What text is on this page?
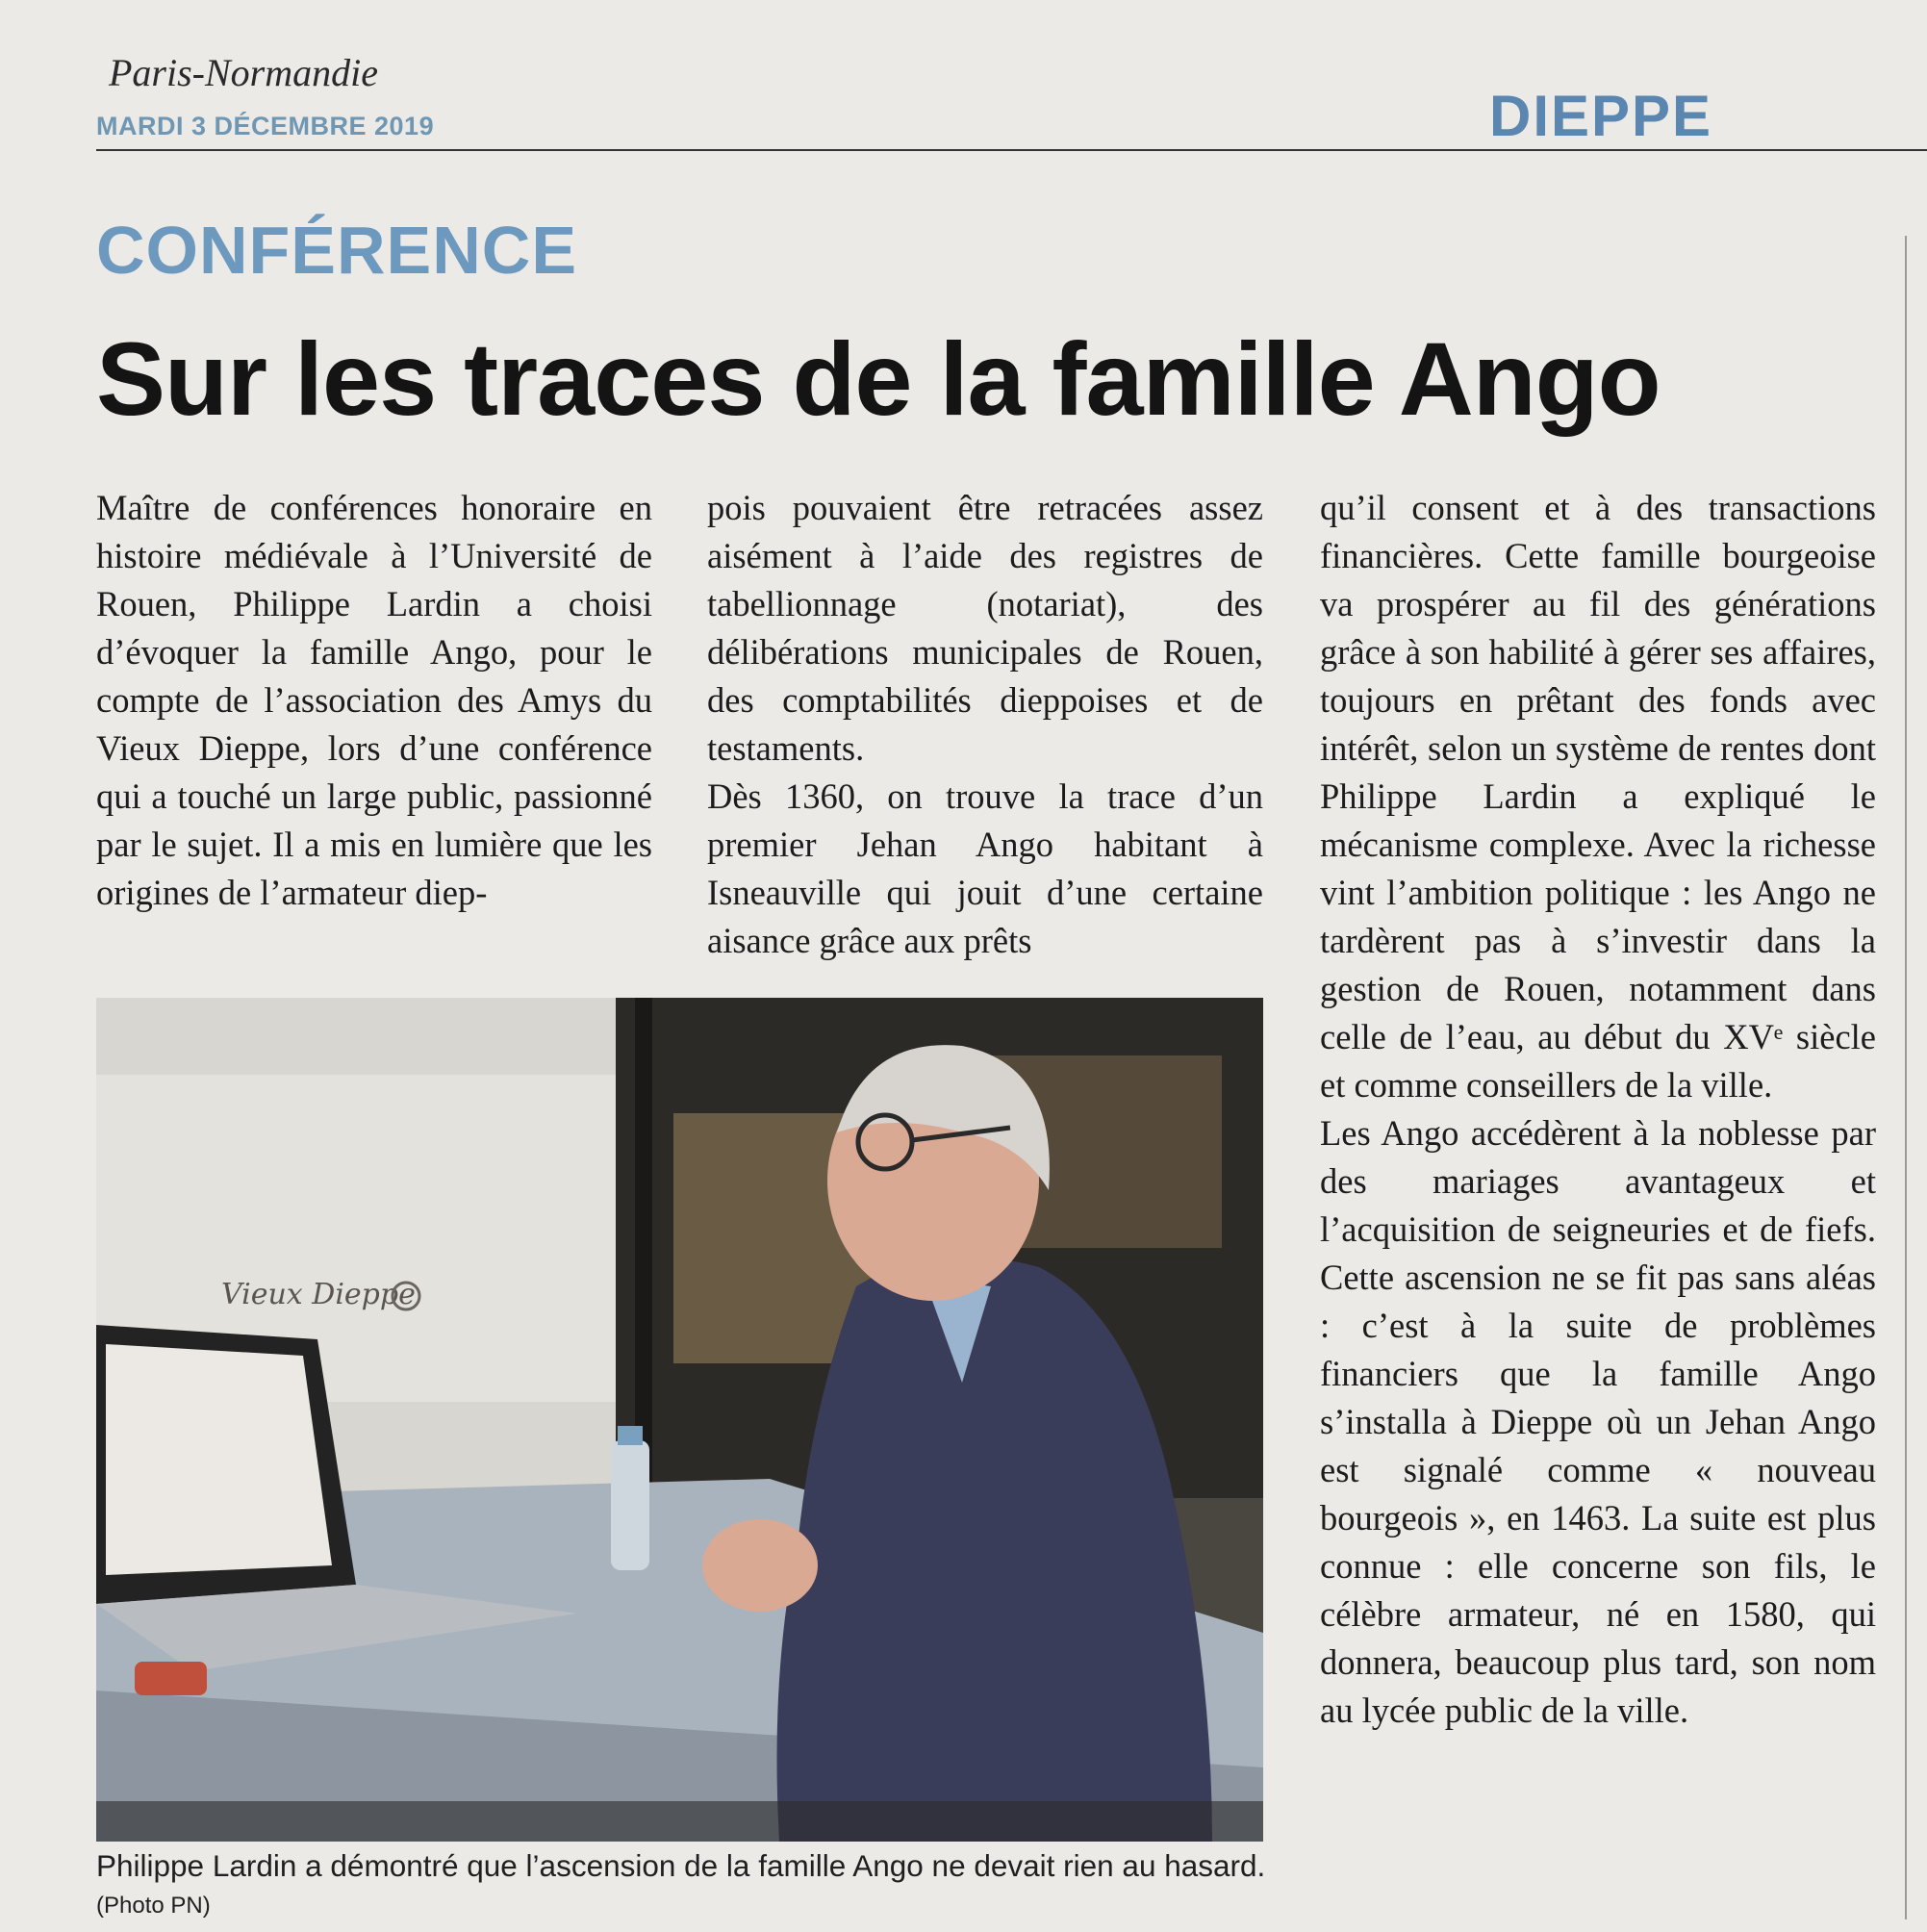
Paris-Normandie
MARDI 3 DÉCEMBRE 2019	DIEPPE
CONFÉRENCE
Sur les traces de la famille Ango

Maître de conférences honoraire en histoire médiévale à l’Université de Rouen, Philippe Lardin a choisi d’évoquer la famille Ango, pour le compte de l’association des Amys du Vieux Dieppe, lors d’une conférence qui a touché un large public, passionné par le sujet. Il a mis en lumière que les origines de l’armateur diep-

pois pouvaient être retracées assez aisément à l’aide des registres de tabellionnage (notariat), des délibérations municipales de Rouen, des comptabilités dieppoises et de testaments.

Dès 1360, on trouve la trace d’un premier Jehan Ango habitant à Isneauville qui jouit d’une certaine aisance grâce aux prêts

qu’il consent et à des transactions financières. Cette famille bourgeoise va prospérer au fil des générations grâce à son habilité à gérer ses affaires, toujours en prêtant des fonds avec intérêt, selon un système de rentes dont Philippe Lardin a expliqué le mécanisme complexe. Avec la richesse vint l’ambition politique : les Ango ne tardèrent pas à s’investir dans la gestion de Rouen, notamment dans celle de l’eau, au début du XVᵉ siècle et comme conseillers de la ville.

Les Ango accédèrent à la noblesse par des mariages avantageux et l’acquisition de seigneuries et de fiefs. Cette ascension ne se fit pas sans aléas : c’est à la suite de problèmes financiers que la famille Ango s’installa à Dieppe où un Jehan Ango est signalé comme « nouveau bourgeois », en 1463. La suite est plus connue : elle concerne son fils, le célèbre armateur, né en 1580, qui donnera, beaucoup plus tard, son nom au lycée public de la ville.

Vieux Dieppe
Philippe Lardin a démontré que l’ascension de la famille Ango ne devait rien au hasard. (Photo PN)
